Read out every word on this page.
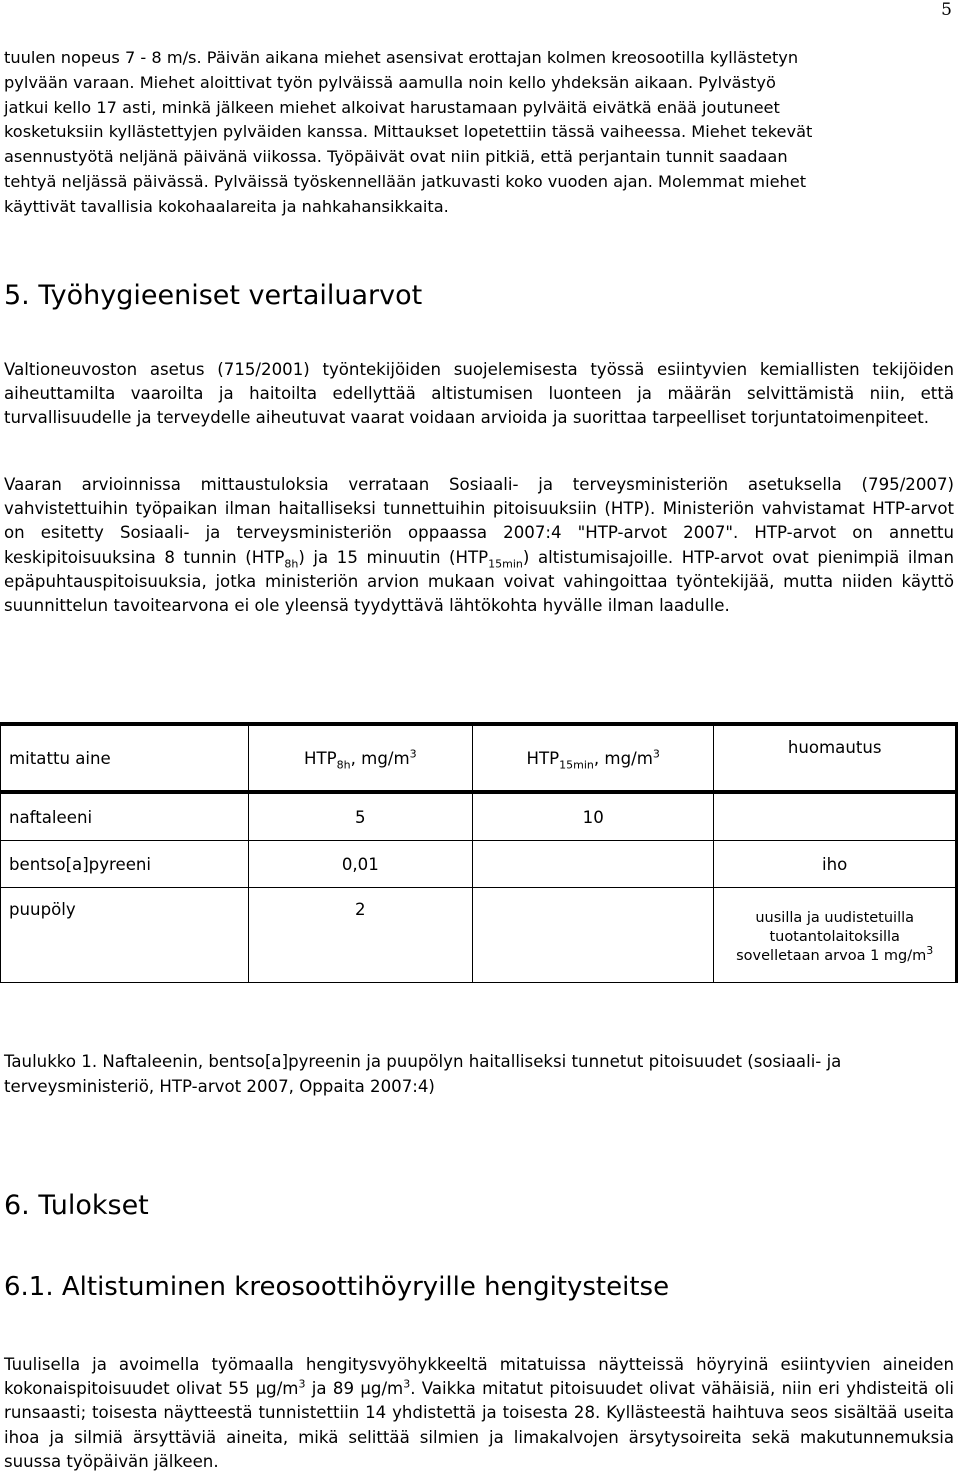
5
tuulen nopeus 7 - 8 m/s. Päivän aikana miehet asensivat erottajan kolmen kreosootilla kyllästetyn
pylvään varaan. Miehet aloittivat työn pylväissä aamulla noin kello yhdeksän aikaan. Pylvästyö
jatkui kello 17 asti, minkä jälkeen miehet alkoivat harustamaan pylväitä eivätkä enää joutuneet
kosketuksiin kyllästettyjen pylväiden kanssa. Mittaukset lopetettiin tässä vaiheessa. Miehet tekevät
asennustyötä neljänä päivänä viikossa. Työpäivät ovat niin pitkiä, että perjantain tunnit saadaan
tehtyä neljässä päivässä. Pylväissä työskennellään jatkuvasti koko vuoden ajan. Molemmat miehet
käyttivät tavallisia kokohaalareita ja nahkahansikkaita.
5. Työhygieeniset vertailuarvot

Valtioneuvoston asetus (715/2001) työntekijöiden suojelemisesta työssä esiintyvien kemiallisten tekijöiden aiheuttamilta vaaroilta ja haitoilta edellyttää altistumisen luonteen ja määrän selvittämistä niin, että turvallisuudelle ja terveydelle aiheutuvat vaarat voidaan arvioida ja suorittaa tarpeelliset torjuntatoimenpiteet.

Vaaran arvioinnissa mittaustuloksia verrataan Sosiaali- ja terveysministeriön asetuksella (795/2007) vahvistettuihin työpaikan ilman haitalliseksi tunnettuihin pitoisuuksiin (HTP). Ministeriön vahvistamat HTP-arvot on esitetty Sosiaali- ja terveysministeriön oppaassa 2007:4 "HTP-arvot 2007". HTP-arvot on annettu keskipitoisuuksina 8 tunnin $(HTP_{8h})$ ja 15 minuutin $(HTP_{15min})$ altistumisajoille. HTP-arvot ovat pienimpiä ilman epäpuhtauspitoisuuksia, jotka ministeriön arvion mukaan voivat vahingoittaa työntekijää, mutta niiden käyttö suunnittelun tavoitearvona ei ole yleensä tyydyttävä lähtökohta hyvälle ilman laadulle.

mitattu aine	$HTP_{8h}$, $mg/m^3$	$HTP_{15min}$, $mg/m^3$	huomautus
naftaleeni	5	10	
bentso[a]pyreeni	0,01		iho
puupöly	2		uusilla ja uudistetuilla
tuotantolaitoksilla
sovelletaan arvoa 1 $mg/m^3$

Taulukko 1. Naftaleenin, bentso[a]pyreenin ja puupölyn haitalliseksi tunnetut pitoisuudet (sosiaali- ja terveysministeriö, HTP-arvot 2007, Oppaita 2007:4)

6. Tulokset
6.1. Altistuminen kreosoottihöyryille hengitysteitse

Tuulisella ja avoimella työmaalla hengitysvyöhykkeeltä mitatuissa näytteissä höyryinä esiintyvien aineiden kokonaispitoisuudet olivat 55 $\mu g/m^3$ ja 89 $\mu g/m^3$. Vaikka mitatut pitoisuudet olivat vähäisiä, niin eri yhdisteitä oli runsaasti; toisesta näytteestä tunnistettiin 14 yhdistettä ja toisesta 28. Kyllästeestä haihtuva seos sisältää useita ihoa ja silmiä ärsyttäviä aineita, mikä selittää silmien ja limakalvojen ärsytysoireita sekä makutunnemuksia suussa työpäivän jälkeen.
